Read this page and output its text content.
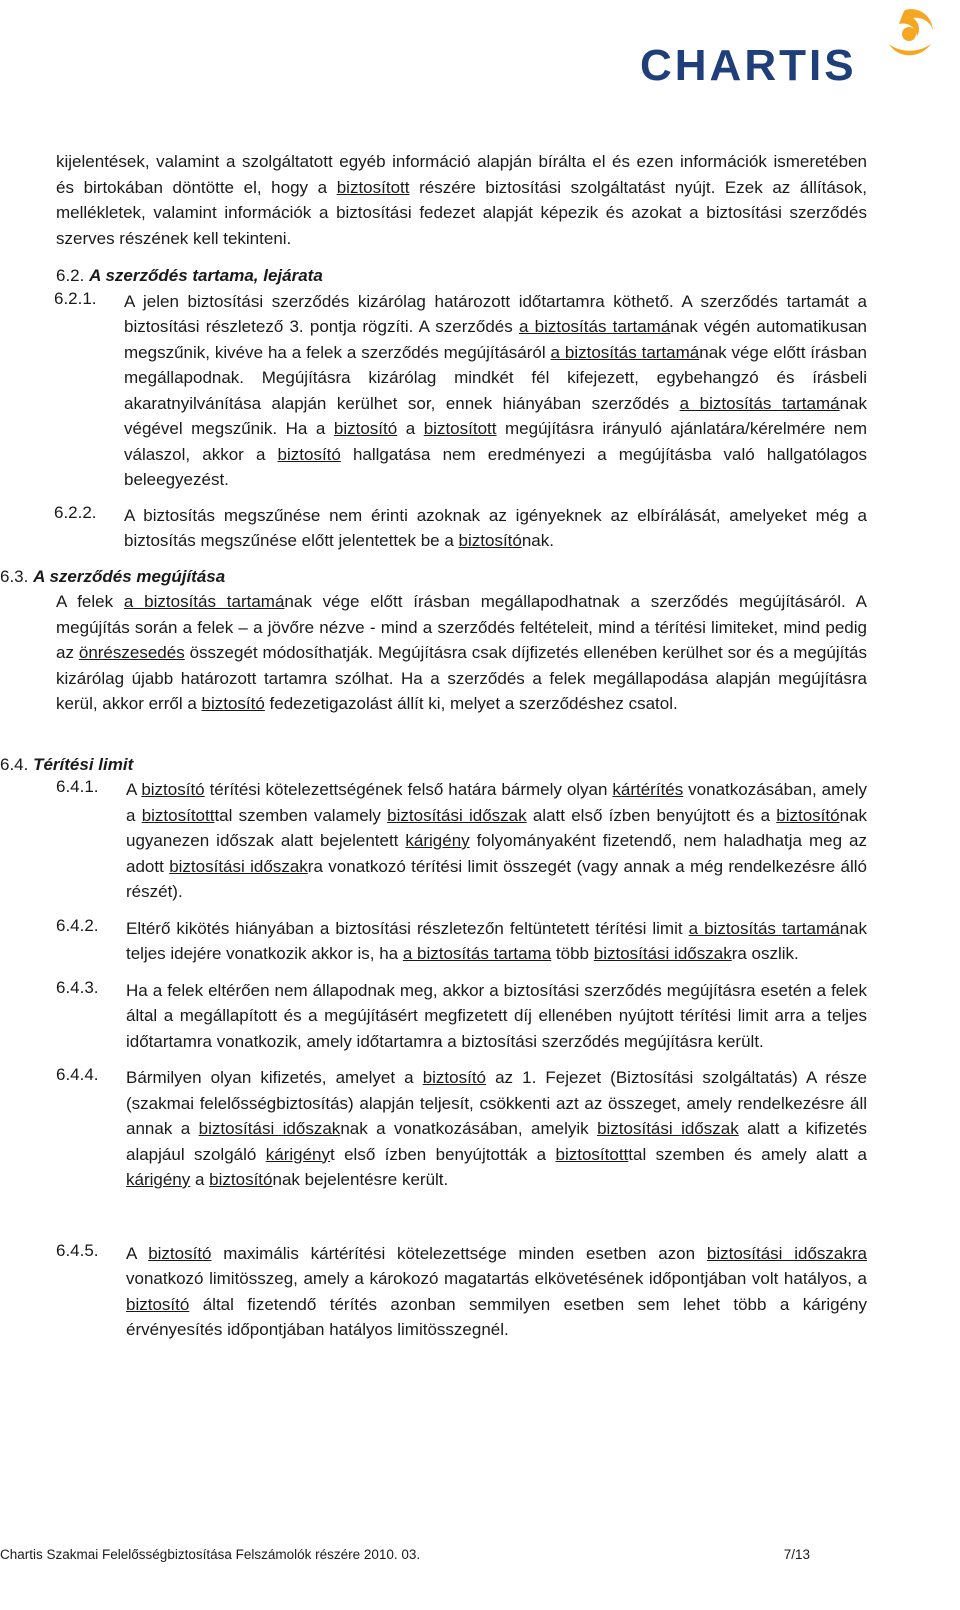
CHARTIS

kijelentések, valamint a szolgáltatott egyéb információ alapján bírálta el és ezen információk ismeretében és birtokában döntötte el, hogy a biztosított részére biztosítási szolgáltatást nyújt. Ezek az állítások, mellékletek, valamint információk a biztosítási fedezet alapját képezik és azokat a biztosítási szerződés szerves részének kell tekinteni.

6.2. A szerződés tartama, lejárata
6.2.1.	A jelen biztosítási szerződés kizárólag határozott időtartamra köthető. A szerződés tartamát a biztosítási részletező 3. pontja rögzíti. A szerződés a biztosítás tartamának végén automatikusan megszűnik, kivéve ha a felek a szerződés megújításáról a biztosítás tartamának vége előtt írásban megállapodnak. Megújításra kizárólag mindkét fél kifejezett, egybehangzó és írásbeli akaratnyilvánítása alapján kerülhet sor, ennek hiányában szerződés a biztosítás tartamának végével megszűnik. Ha a biztosító a biztosított megújításra irányuló ajánlatára/kérelmére nem válaszol, akkor a biztosító hallgatása nem eredményezi a megújításba való hallgatólagos beleegyezést.
6.2.2.	A biztosítás megszűnése nem érinti azoknak az igényeknek az elbírálását, amelyeket még a biztosítás megszűnése előtt jelentettek be a biztosítónak.
6.3. A szerződés megújítása

A felek a biztosítás tartamának vége előtt írásban megállapodhatnak a szerződés megújításáról. A megújítás során a felek – a jövőre nézve - mind a szerződés feltételeit, mind a térítési limiteket, mind pedig az önrészesedés összegét módosíthatják. Megújításra csak díjfizetés ellenében kerülhet sor és a megújítás kizárólag újabb határozott tartamra szólhat. Ha a szerződés a felek megállapodása alapján megújításra kerül, akkor erről a biztosító fedezetigazolást állít ki, melyet a szerződéshez csatol.

6.4. Térítési limit
6.4.1.	A biztosító térítési kötelezettségének felső határa bármely olyan kártérítés vonatkozásában, amely a biztosítotttal szemben valamely biztosítási időszak alatt első ízben benyújtott és a biztosítónak ugyanezen időszak alatt bejelentett kárigény folyományaként fizetendő, nem haladhatja meg az adott biztosítási időszakra vonatkozó térítési limit összegét (vagy annak a még rendelkezésre álló részét).
6.4.2.	Eltérő kikötés hiányában a biztosítási részletezőn feltüntetett térítési limit a biztosítás tartamának teljes idejére vonatkozik akkor is, ha a biztosítás tartama több biztosítási időszakra oszlik.
6.4.3.	Ha a felek eltérően nem állapodnak meg, akkor a biztosítási szerződés megújításra esetén a felek által a megállapított és a megújításért megfizetett díj ellenében nyújtott térítési limit arra a teljes időtartamra vonatkozik, amely időtartamra a biztosítási szerződés megújításra került.
6.4.4.	Bármilyen olyan kifizetés, amelyet a biztosító az 1. Fejezet (Biztosítási szolgáltatás) A része (szakmai felelősségbiztosítás) alapján teljesít, csökkenti azt az összeget, amely rendelkezésre áll annak a biztosítási időszaknak a vonatkozásában, amelyik biztosítási időszak alatt a kifizetés alapjául szolgáló kárigényt első ízben benyújtották a biztosítotttal szemben és amely alatt a kárigény a biztosítónak bejelentésre került.
6.4.5.	A biztosító maximális kártérítési kötelezettsége minden esetben azon biztosítási időszakra vonatkozó limitösszeg, amely a károkozó magatartás elkövetésének időpontjában volt hatályos, a biztosító által fizetendő térítés azonban semmilyen esetben sem lehet több a kárigény érvényesítés időpontjában hatályos limitösszegnél.
Chartis Szakmai Felelősségbiztosítása Felszámolók részére 2010. 03.	7/13
